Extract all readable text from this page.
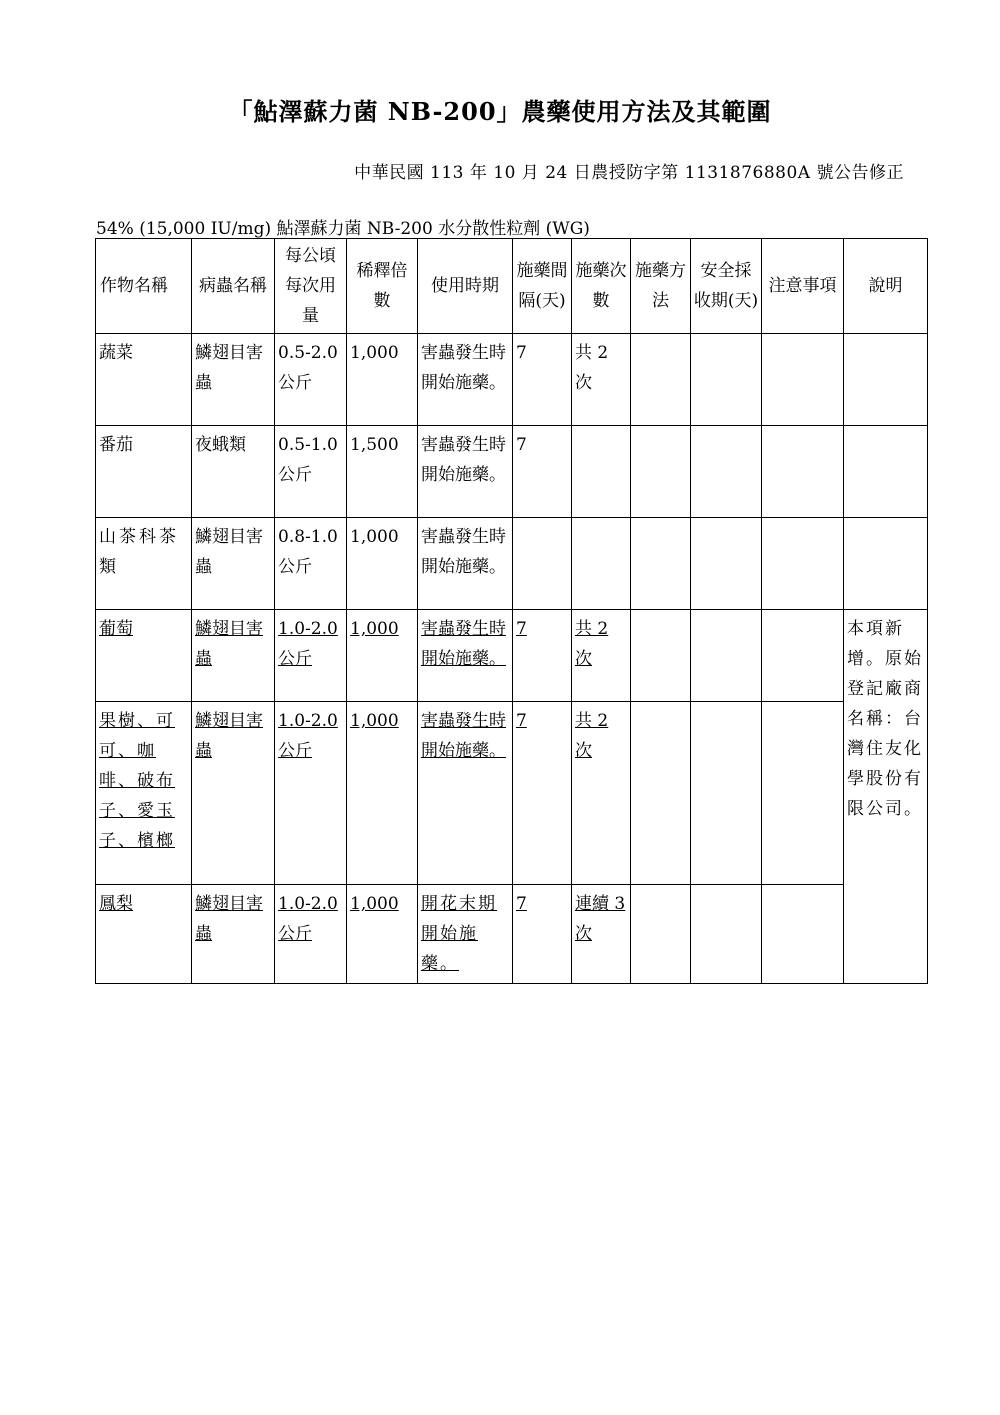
「鮎澤蘇力菌 NB-200」農藥使用方法及其範圍
中華民國 113 年 10 月 24 日農授防字第 1131876880A 號公告修正
54% (15,000 IU/mg) 鮎澤蘇力菌 NB-200 水分散性粒劑 (WG)
作物名稱	病蟲名稱	每公頃每次用量	稀釋倍數	使用時期	施藥間隔(天)	施藥次數	施藥方法	安全採收期(天)	注意事項	說明
蔬菜	鱗翅目害蟲	0.5-2.0 公斤	1,000	害蟲發生時開始施藥。	7	共 2 次				
番茄	夜蛾類	0.5-1.0 公斤	1,500	害蟲發生時開始施藥。	7					
山茶科茶類	鱗翅目害蟲	0.8-1.0 公斤	1,000	害蟲發生時開始施藥。						
葡萄	鱗翅目害蟲	1.0-2.0 公斤	1,000	害蟲發生時開始施藥。	7	共 2 次				本項新增。原始登記廠商名稱：台灣住友化學股份有限公司。
果樹、可可、咖啡、破布子、愛玉子、檳榔	鱗翅目害蟲	1.0-2.0 公斤	1,000	害蟲發生時開始施藥。	7	共 2 次				
鳳梨	鱗翅目害蟲	1.0-2.0 公斤	1,000	開花末期開始施藥。	7	連續 3 次				
